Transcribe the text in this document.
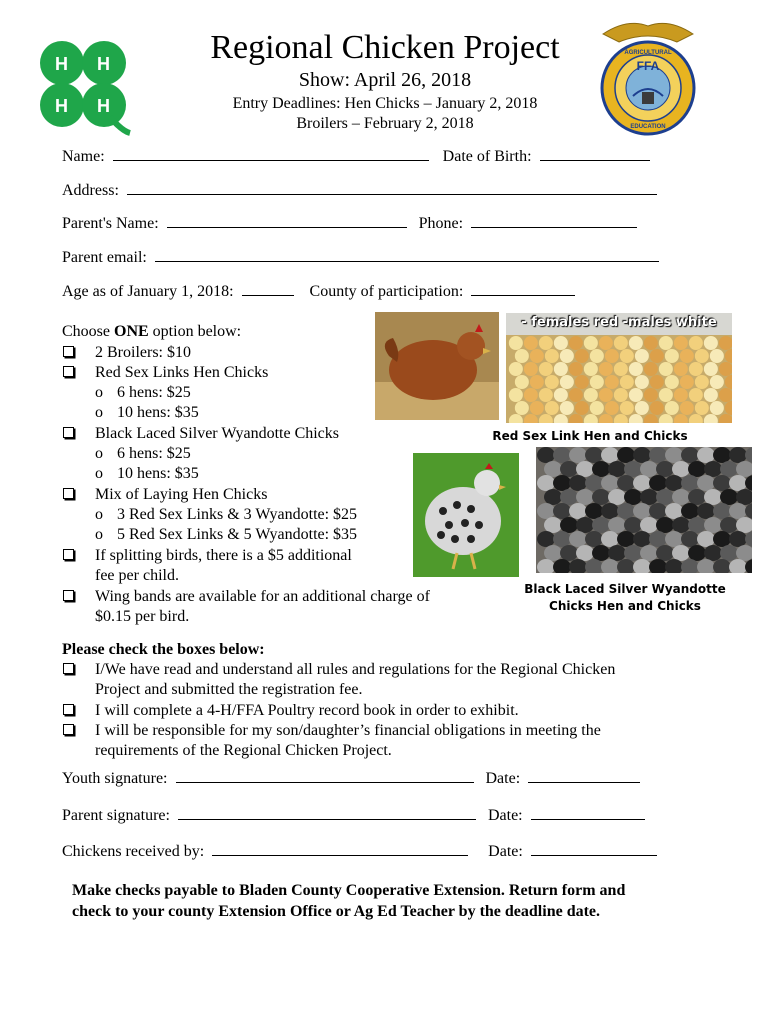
H H
H H
FFA
AGRICULTURAL
EDUCATION
Regional Chicken Project
Show: April 26, 2018
Entry Deadlines: Hen Chicks – January 2, 2018
Broilers – February 2, 2018
Name:	Date of Birth:
Address:
Parent's Name:	Phone:
Parent email:
Age as of January 1, 2018:	County of participation:
Choose ONE option below:
2 Broilers: $10
Red Sex Links Hen Chicks
o 6 hens: $25
o 10 hens: $35
Black Laced Silver Wyandotte Chicks
o 6 hens: $25
o 10 hens: $35
Mix of Laying Hen Chicks
o 3 Red Sex Links & 3 Wyandotte: $25
o 5 Red Sex Links & 5 Wyandotte: $35
If splitting birds, there is a $5 additional
fee per child.
Wing bands are available for an additional charge of
$0.15 per bird.
- females red -males white
Red Sex Link Hen and Chicks
Black Laced Silver Wyandotte
Chicks Hen and Chicks
Please check the boxes below:
I/We have read and understand all rules and regulations for the Regional Chicken
Project and submitted the registration fee.
I will complete a 4-H/FFA Poultry record book in order to exhibit.
I will be responsible for my son/daughter’s financial obligations in meeting the
requirements of the Regional Chicken Project.
Youth signature:	Date:
Parent signature:	Date:
Chickens received by:	Date:
Make checks payable to Bladen County Cooperative Extension. Return form and
check to your county Extension Office or Ag Ed Teacher by the deadline date.
